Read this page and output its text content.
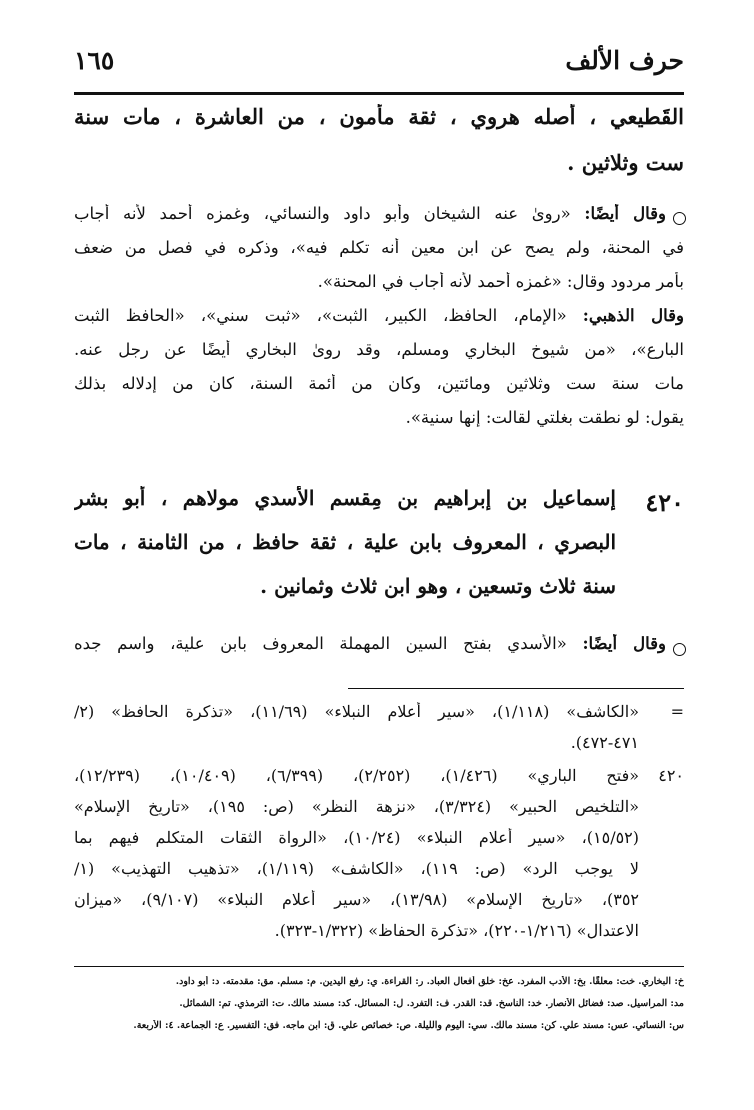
حرف الألف
١٦٥
القَطيعي ، أصله هروي ، ثقة مأمون ، من العاشرة ، مات سنة
ست وثلاثين .
وقال أيضًا: «روىٰ عنه الشيخان وأبو داود والنسائي، وغمزه أحمد لأنه أجاب
في المحنة، ولم يصح عن ابن معين أنه تكلم فيه»، وذكره في فصل من ضعف
بأمر مردود وقال: «غمزه أحمد لأنه أجاب في المحنة».
وقال الذهبي: «الإمام، الحافظ، الكبير، الثبت»، «ثبت سني»، «الحافظ الثبت
البارع»، «من شيوخ البخاري ومسلم، وقد روىٰ البخاري أيضًا عن رجل عنه.
مات سنة ست وثلاثين ومائتين، وكان من أئمة السنة، كان من إدلاله بذلك
يقول: لو نطقت بغلتي لقالت: إنها سنية».
٤٢٠
إسماعيل بن إبراهيم بن مِقسم الأسدي مولاهم ، أبو بشر
البصري ، المعروف بابن علية ، ثقة حافظ ، من الثامنة ، مات
سنة ثلاث وتسعين ، وهو ابن ثلاث وثمانين .
وقال أيضًا: «الأسدي بفتح السين المهملة المعروف بابن علية، واسم جده
=
«الكاشف» (١/١١٨)، «سير أعلام النبلاء» (١١/٦٩)، «تذكرة الحافظ» (٢/
٤٧١-٤٧٢).
٤٢٠
«فتح الباري» (١/٤٢٦)، (٢/٢٥٢)، (٦/٣٩٩)، (١٠/٤٠٩)، (١٢/٢٣٩)،
«التلخيص الحبير» (٣/٣٢٤)، «نزهة النظر» (ص: ١٩٥)، «تاريخ الإسلام»
(١٥/٥٢)، «سير أعلام النبلاء» (١٠/٢٤)، «الرواة الثقات المتكلم فيهم بما
لا يوجب الرد» (ص: ١١٩)، «الكاشف» (١/١١٩)، «تذهيب التهذيب» (١/
٣٥٢)، «تاريخ الإسلام» (١٣/٩٨)، «سير أعلام النبلاء» (٩/١٠٧)، «ميزان
الاعتدال» (١/٢١٦-٢٢٠)، «تذكرة الحفاظ» (١/٣٢٢-٣٢٣).
خ: البخاري. خت: معلقًا. بخ: الأدب المفرد. عخ: خلق أفعال العباد. ر: القراءة. ي: رفع اليدين. م: مسلم. مق: مقدمته. د: أبو داود.
مد: المراسيل. صد: فضائل الأنصار. خد: الناسخ. قد: القدر. ف: التفرد. ل: المسائل. كد: مسند مالك. ت: الترمذي. تم: الشمائل.
س: النسائي. عس: مسند علي. كن: مسند مالك. سي: اليوم والليلة. ص: خصائص علي. ق: ابن ماجه. فق: التفسير. ع: الجماعة. ٤: الأربعة.
